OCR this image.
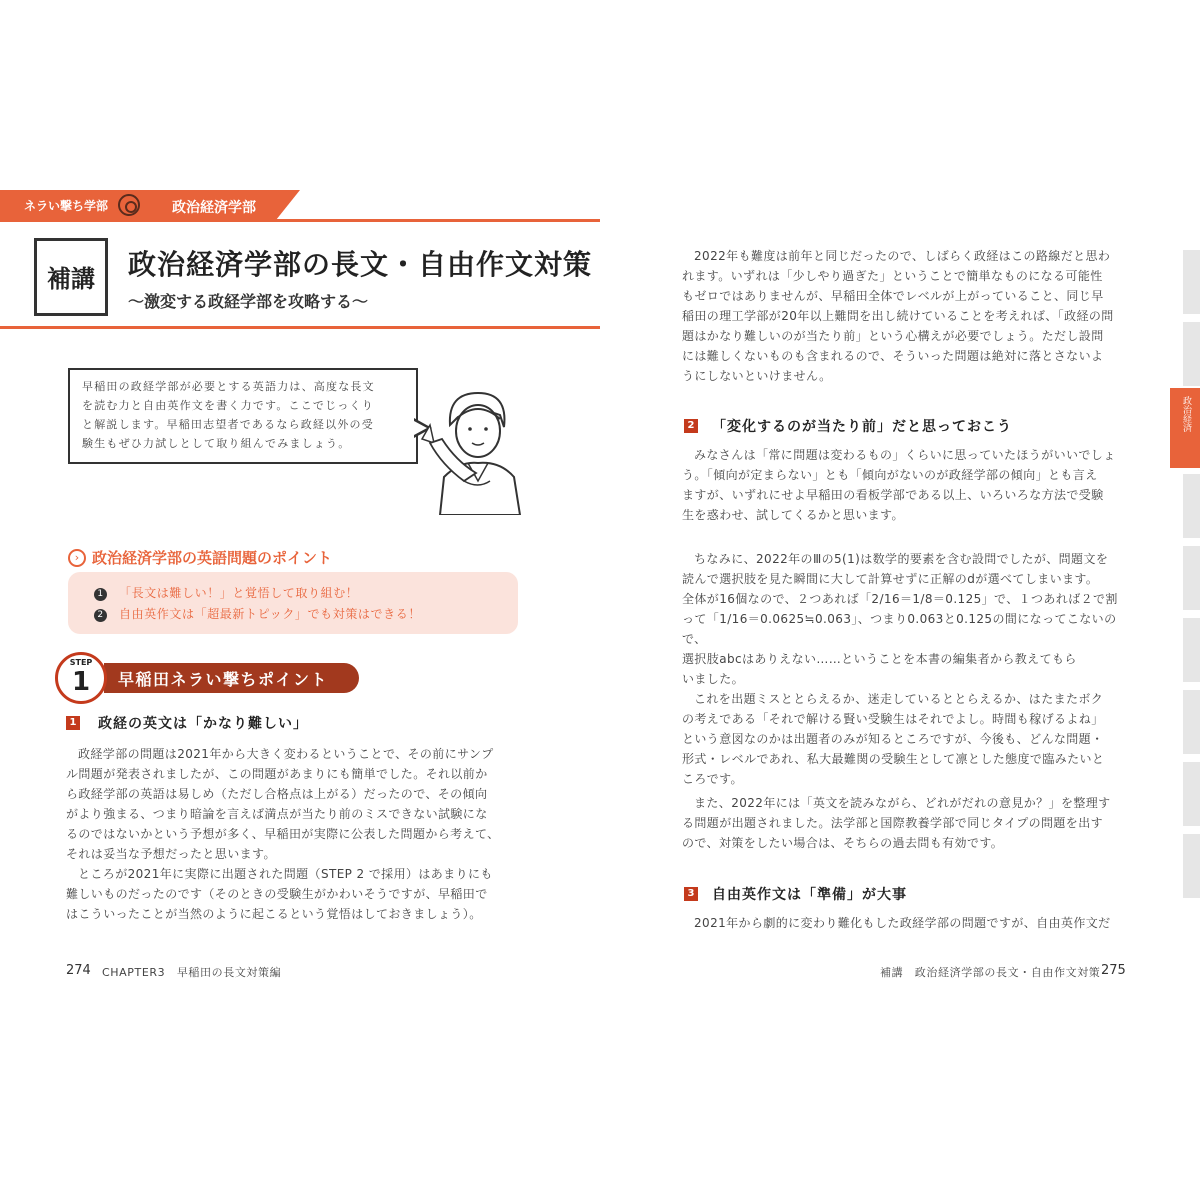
ネラい撃ち学部	政治経済学部
補講	政治経済学部の長文・自由作文対策
～激変する政経学部を攻略する～

早稲田の政経学部が必要とする英語力は、高度な長文

を読む力と自由英作文を書く力です。ここでじっくり

と解説します。早稲田志望者であるなら政経以外の受

験生もぜひ力試しとして取り組んでみましょう。

› 政治経済学部の英語問題のポイント
1 「長文は難しい！」と覚悟して取り組む！
2 自由英作文は「超最新トピック」でも対策はできる！
早稲田ネラい撃ちポイント
STEP
1
1 政経の英文は「かなり難しい」

政経学部の問題は2021年から大きく変わるということで、その前にサンプ

ル問題が発表されましたが、この問題があまりにも簡単でした。それ以前か

ら政経学部の英語は易しめ（ただし合格点は上がる）だったので、その傾向

がより強まる、つまり暗論を言えば満点が当たり前のミスできない試験にな

るのではないかという予想が多く、早稲田が実際に公表した問題から考えて、

それは妥当な予想だったと思います。

ところが2021年に実際に出題された問題（STEP 2 で採用）はあまりにも

難しいものだったのです（そのときの受験生がかわいそうですが、早稲田で

はこういったことが当然のように起こるという覚悟はしておきましょう）。

274 CHAPTER3　早稲田の長文対策編

2022年も難度は前年と同じだったので、しばらく政経はこの路線だと思わ

れます。いずれは「少しやり過ぎた」ということで簡単なものになる可能性

もゼロではありませんが、早稲田全体でレベルが上がっていること、同じ早

稲田の理工学部が20年以上難問を出し続けていることを考えれば、「政経の問

題はかなり難しいのが当たり前」という心構えが必要でしょう。ただし設問

には難しくないものも含まれるので、そういった問題は絶対に落とさないよ

うにしないといけません。

2 「変化するのが当たり前」だと思っておこう

みなさんは「常に問題は変わるもの」くらいに思っていたほうがいいでしょ

う。「傾向が定まらない」とも「傾向がないのが政経学部の傾向」とも言え

ますが、いずれにせよ早稲田の看板学部である以上、いろいろな方法で受験

生を惑わせ、試してくるかと思います。

ちなみに、2022年のⅢの5(1)は数学的要素を含む設問でしたが、問題文を

読んで選択肢を見た瞬間に大して計算せずに正解のdが選べてしまいます。

全体が16個なので、２つあれば「2/16＝1/8＝0.125」で、１つあれば２で割

って「1/16＝0.0625≒0.063」、つまり0.063と0.125の間になってこないので、

選択肢abcはありえない……ということを本書の編集者から教えてもら

いました。

これを出題ミスととらえるか、迷走しているととらえるか、はたまたボク

の考えである「それで解ける賢い受験生はそれでよし。時間も稼げるよね」

という意図なのかは出題者のみが知るところですが、今後も、どんな問題・

形式・レベルであれ、私大最難関の受験生として凛とした態度で臨みたいと

ころです。

また、2022年には「英文を読みながら、どれがだれの意見か？」を整理す

る問題が出題されました。法学部と国際教養学部で同じタイプの問題を出す

ので、対策をしたい場合は、そちらの過去問も有効です。

3 自由英作文は「準備」が大事

2021年から劇的に変わり難化もした政経学部の問題ですが、自由英作文だ

補講　政治経済学部の長文・自由作文対策 275
政治経済
